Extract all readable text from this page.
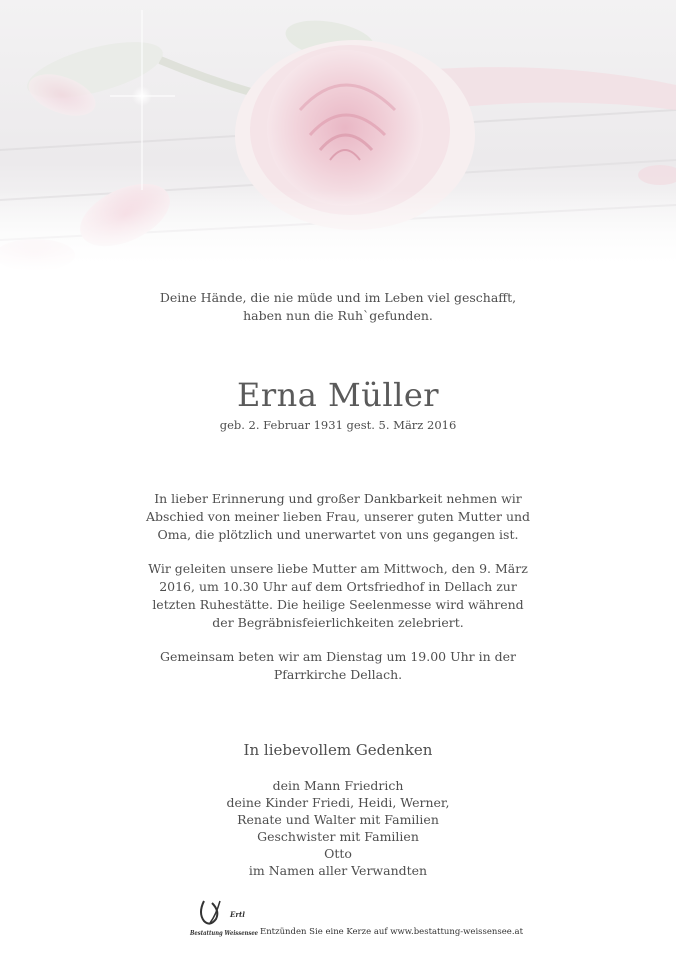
Deine Hände, die nie müde und im Leben viel geschafft,
haben nun die Ruh`gefunden.
Erna Müller
geb. 2. Februar 1931 gest. 5. März 2016

In lieber Erinnerung und großer Dankbarkeit nehmen wir
Abschied von meiner lieben Frau, unserer guten Mutter und
Oma, die plötzlich und unerwartet von uns gegangen ist.

Wir geleiten unsere liebe Mutter am Mittwoch, den 9. März
2016, um 10.30 Uhr auf dem Ortsfriedhof in Dellach zur
letzten Ruhestätte. Die heilige Seelenmesse wird während
der Begräbnisfeierlichkeiten zelebriert.

Gemeinsam beten wir am Dienstag um 19.00 Uhr in der
Pfarrkirche Dellach.

In liebevollem Gedenken
dein Mann Friedrich
deine Kinder Friedi, Heidi, Werner,
Renate und Walter mit Familien
Geschwister mit Familien
Otto
im Namen aller Verwandten
Ertl
Bestattung Weissensee Entzünden Sie eine Kerze auf www.bestattung-weissensee.at
